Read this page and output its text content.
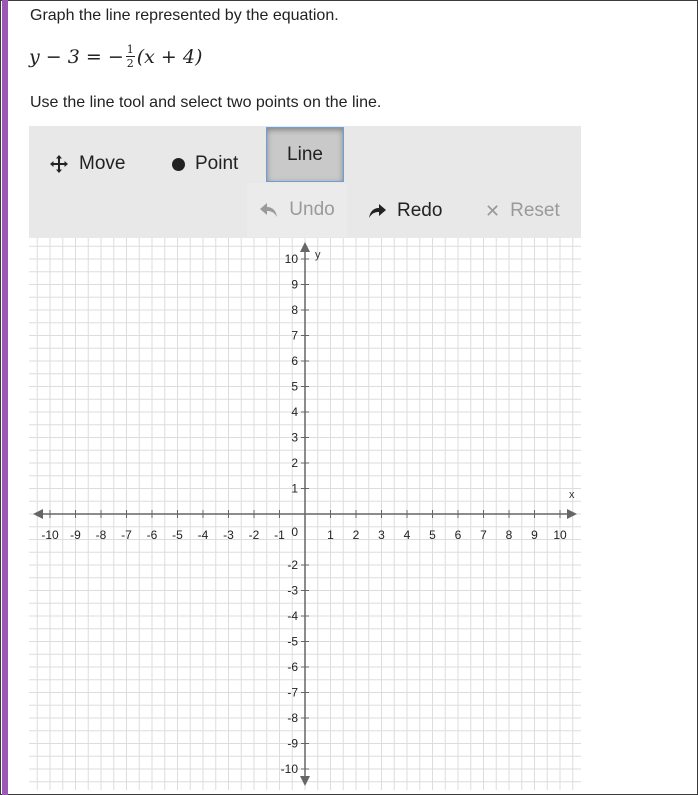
Graph the line represented by the equation.

y − 3 = − $\frac{1}{2} (x + 4)$

Use the line tool and select two points on the line.

Move	Point	Line
Undo	Redo ✕ Reset
x
y
-10 -9 -8 -7 -6 -5 -4 -3 -2 -1	1 2 3 4 5 6 7 8 9 10
10
9
8
7
6
5
4
3
2
1
-2
-3
-4
-5
-6
-7
-8
-9
-10
0
